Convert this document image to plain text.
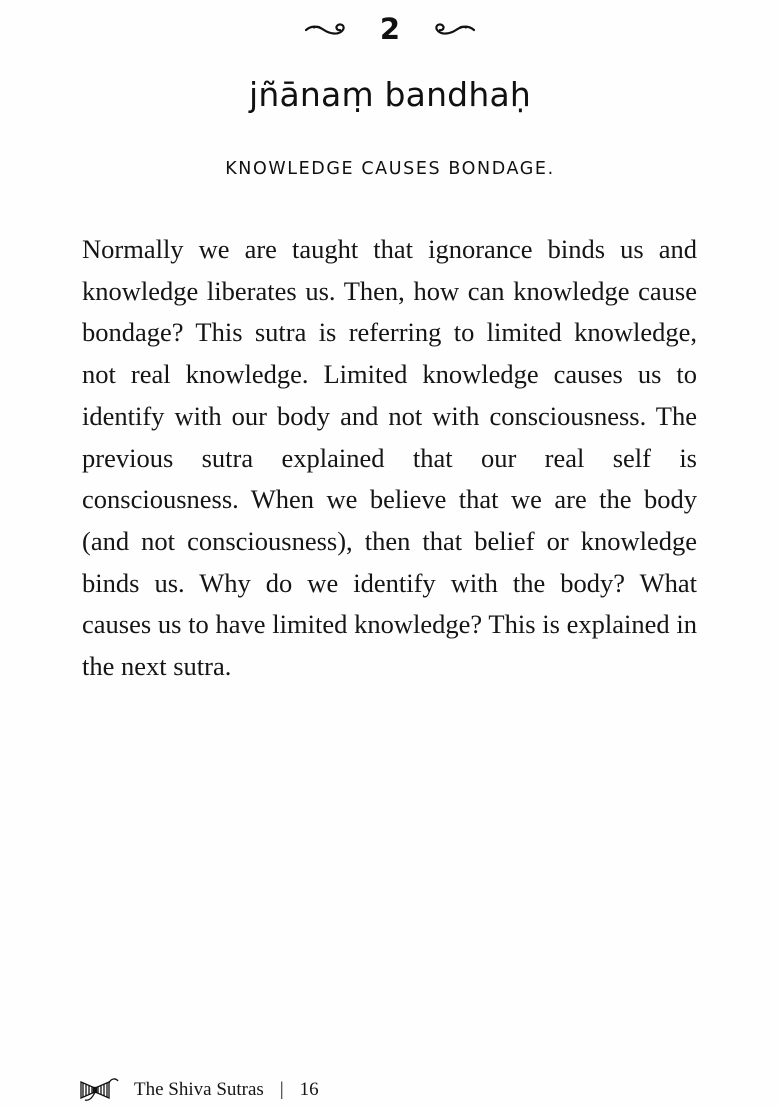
2
jñānaṃ bandhaḥ
KNOWLEDGE CAUSES BONDAGE.

Normally we are taught that ignorance binds us and knowledge liberates us. Then, how can knowledge cause bondage? This sutra is referring to limited knowledge, not real knowledge. Limited knowledge causes us to identify with our body and not with consciousness. The previous sutra explained that our real self is consciousness. When we believe that we are the body (and not consciousness), then that belief or knowledge binds us. Why do we identify with the body? What causes us to have limited knowledge? This is explained in the next sutra.

The Shiva Sutras | 16
